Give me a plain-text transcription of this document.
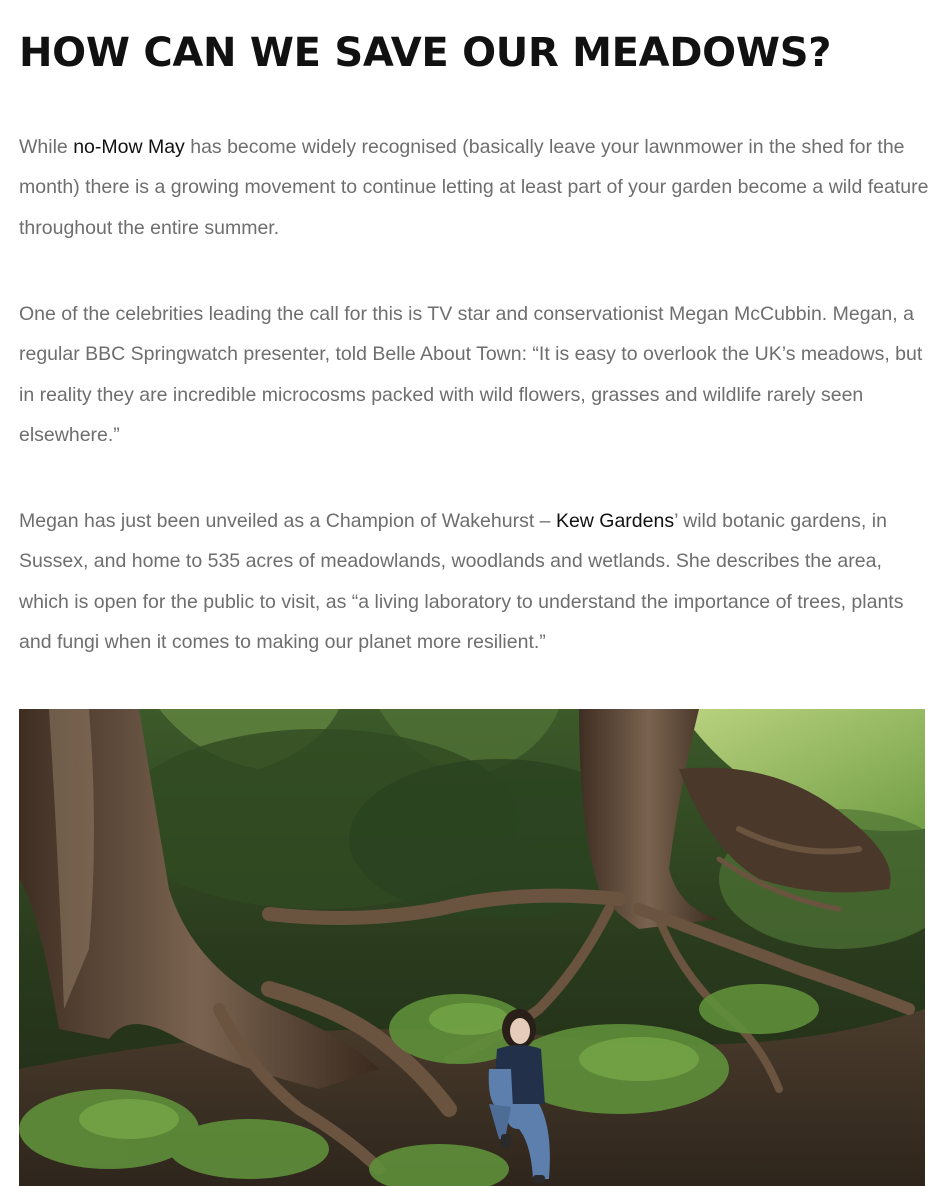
HOW CAN WE SAVE OUR MEADOWS?

While no-Mow May has become widely recognised (basically leave your lawnmower in the shed for the month) there is a growing movement to continue letting at least part of your garden become a wild feature throughout the entire summer.

One of the celebrities leading the call for this is TV star and conservationist Megan McCubbin. Megan, a regular BBC Springwatch presenter, told Belle About Town: “It is easy to overlook the UK’s meadows, but in reality they are incredible microcosms packed with wild flowers, grasses and wildlife rarely seen elsewhere.”

Megan has just been unveiled as a Champion of Wakehurst – Kew Gardens’ wild botanic gardens, in Sussex, and home to 535 acres of meadowlands, woodlands and wetlands. She describes the area, which is open for the public to visit, as “a living laboratory to understand the importance of trees, plants and fungi when it comes to making our planet more resilient.”
